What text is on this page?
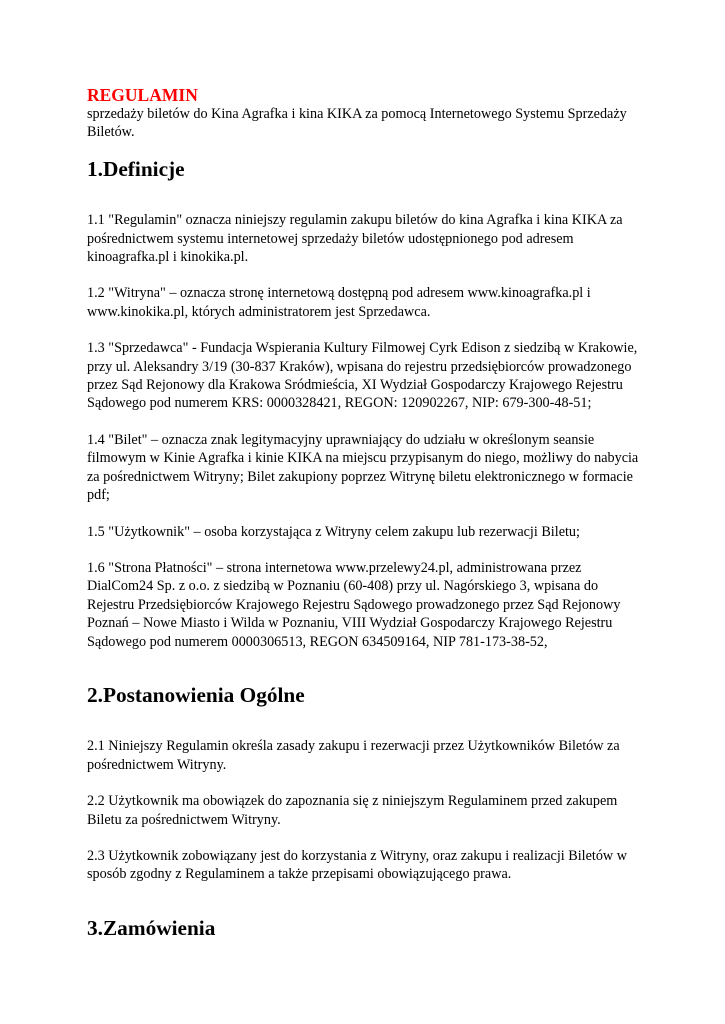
REGULAMIN

sprzedaży biletów do Kina Agrafka i kina KIKA za pomocą Internetowego Systemu Sprzedaży Biletów.

1.Definicje

1.1 "Regulamin" oznacza niniejszy regulamin zakupu biletów do kina Agrafka i kina KIKA za pośrednictwem systemu internetowej sprzedaży biletów udostępnionego pod adresem kinoagrafka.pl i kinokika.pl.

1.2 "Witryna" – oznacza stronę internetową dostępną pod adresem www.kinoagrafka.pl i www.kinokika.pl, których administratorem jest Sprzedawca.

1.3 "Sprzedawca" - Fundacja Wspierania Kultury Filmowej Cyrk Edison z siedzibą w Krakowie, przy ul. Aleksandry 3/19 (30-837 Kraków), wpisana do rejestru przedsiębiorców prowadzonego przez Sąd Rejonowy dla Krakowa Sródmieścia, XI Wydział Gospodarczy Krajowego Rejestru Sądowego pod numerem KRS: 0000328421, REGON: 120902267, NIP: 679-300-48-51;

1.4 "Bilet" – oznacza znak legitymacyjny uprawniający do udziału w określonym seansie filmowym w Kinie Agrafka i kinie KIKA na miejscu przypisanym do niego, możliwy do nabycia za pośrednictwem Witryny; Bilet zakupiony poprzez Witrynę biletu elektronicznego w formacie pdf;

1.5 "Użytkownik" – osoba korzystająca z Witryny celem zakupu lub rezerwacji Biletu;

1.6 "Strona Płatności" – strona internetowa www.przelewy24.pl, administrowana przez DialCom24 Sp. z o.o. z siedzibą w Poznaniu (60-408) przy ul. Nagórskiego 3, wpisana do Rejestru Przedsiębiorców Krajowego Rejestru Sądowego prowadzonego przez Sąd Rejonowy Poznań – Nowe Miasto i Wilda w Poznaniu, VIII Wydział Gospodarczy Krajowego Rejestru Sądowego pod numerem 0000306513, REGON 634509164, NIP 781-173-38-52,

2.Postanowienia Ogólne

2.1 Niniejszy Regulamin określa zasady zakupu i rezerwacji przez Użytkowników Biletów za pośrednictwem Witryny.

2.2 Użytkownik ma obowiązek do zapoznania się z niniejszym Regulaminem przed zakupem Biletu za pośrednictwem Witryny.

2.3 Użytkownik zobowiązany jest do korzystania z Witryny, oraz zakupu i realizacji Biletów w sposób zgodny z Regulaminem a także przepisami obowiązującego prawa.

3.Zamówienia
